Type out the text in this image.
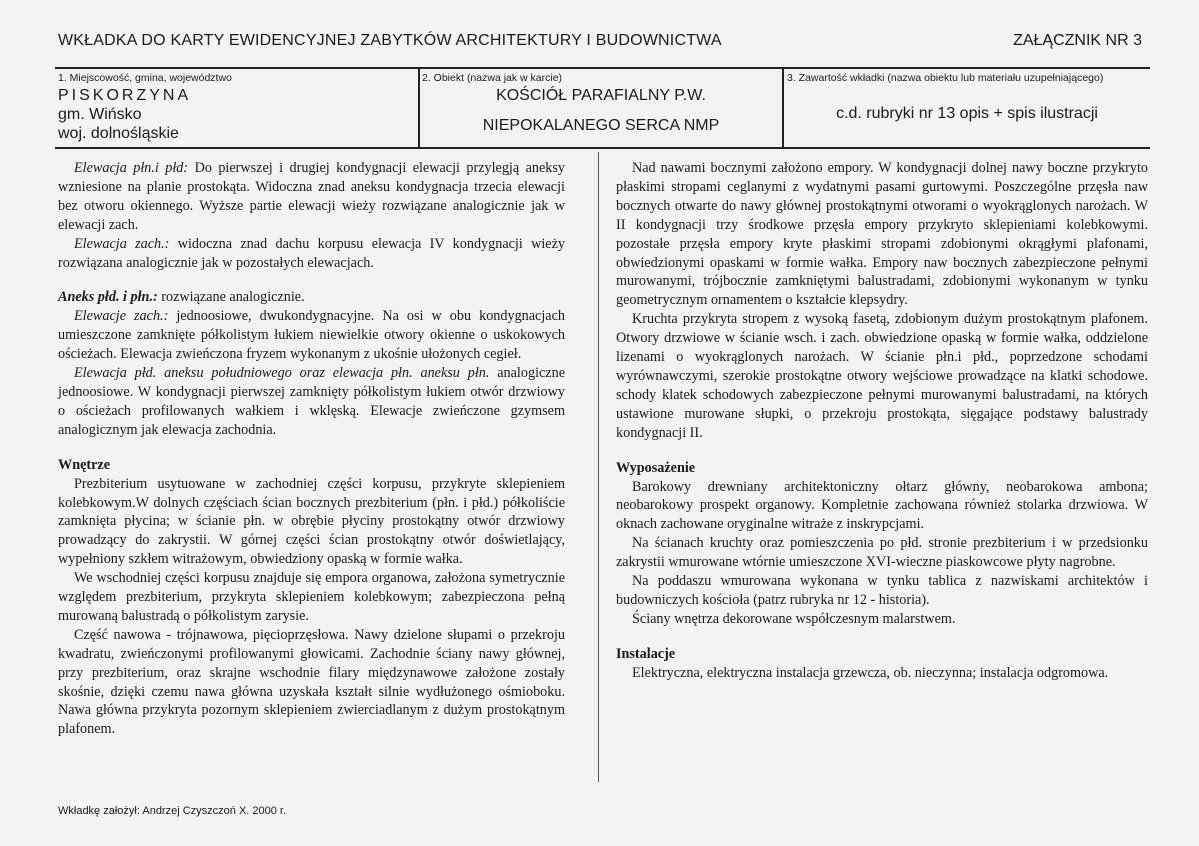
WKŁADKA DO KARTY EWIDENCYJNEJ ZABYTKÓW ARCHITEKTURY I BUDOWNICTWA	ZAŁĄCZNIK NR 3
1. Miejscowość, gmina, województwo
PISKORZYNA
gm. Wińsko
woj. dolnośląskie
2. Obiekt (nazwa jak w karcie)
KOŚCIÓŁ PARAFIALNY P.W.
NIEPOKALANEGO SERCA NMP
3. Zawartość wkładki (nazwa obiektu lub materiału uzupełniającego)
c.d. rubryki nr 13 opis + spis ilustracji

Elewacja płn.i płd: Do pierwszej i drugiej kondygnacji elewacji przylegją aneksy wzniesione na planie prostokąta. Widoczna znad aneksu kondygnacja trzecia elewacji bez otworu okiennego. Wyższe partie elewacji wieży rozwiązane analogicznie jak w elewacji zach.

Elewacja zach.: widoczna znad dachu korpusu elewacja IV kondygnacji wieży rozwiązana analogicznie jak w pozostałych elewacjach.

Aneks płd. i płn.: rozwiązane analogicznie.

Elewacje zach.: jednoosiowe, dwukondygnacyjne. Na osi w obu kondygnacjach umieszczone zamknięte półkolistym łukiem niewielkie otwory okienne o uskokowych ościeżach. Elewacja zwieńczona fryzem wykonanym z ukośnie ułożonych cegieł.

Elewacja płd. aneksu południowego oraz elewacja płn. aneksu płn. analogiczne jednoosiowe. W kondygnacji pierwszej zamknięty półkolistym łukiem otwór drzwiowy o ościeżach profilowanych wałkiem i wklęską. Elewacje zwieńczone gzymsem analogicznym jak elewacja zachodnia.

Wnętrze

Prezbiterium usytuowane w zachodniej części korpusu, przykryte sklepieniem kolebkowym.W dolnych częściach ścian bocznych prezbiterium (płn. i płd.) półkoliście zamknięta płycina; w ścianie płn. w obrębie płyciny prostokątny otwór drzwiowy prowadzący do zakrystii. W górnej części ścian prostokątny otwór doświetlający, wypełniony szkłem witrażowym, obwiedziony opaską w formie wałka.

We wschodniej części korpusu znajduje się empora organowa, założona symetrycznie względem prezbiterium, przykryta sklepieniem kolebkowym; zabezpieczona pełną murowaną balustradą o półkolistym zarysie.

Część nawowa - trójnawowa, pięcioprzęsłowa. Nawy dzielone słupami o przekroju kwadratu, zwieńczonymi profilowanymi głowicami. Zachodnie ściany nawy głównej, przy prezbiterium, oraz skrajne wschodnie filary międzynawowe założone zostały skośnie, dzięki czemu nawa główna uzyskała kształt silnie wydłużonego ośmioboku. Nawa główna przykryta pozornym sklepieniem zwierciadlanym z dużym prostokątnym plafonem.

Nad nawami bocznymi założono empory. W kondygnacji dolnej nawy boczne przykryto płaskimi stropami ceglanymi z wydatnymi pasami gurtowymi. Poszczególne przęsła naw bocznych otwarte do nawy głównej prostokątnymi otworami o wyokrąglonych narożach. W II kondygnacji trzy środkowe przęsła empory przykryto sklepieniami kolebkowymi. pozostałe przęsła empory kryte płaskimi stropami zdobionymi okrągłymi plafonami, obwiedzionymi opaskami w formie wałka. Empory naw bocznych zabezpieczone pełnymi murowanymi, trójbocznie zamkniętymi balustradami, zdobionymi wykonanym w tynku geometrycznym ornamentem o kształcie klepsydry.

Kruchta przykryta stropem z wysoką fasetą, zdobionym dużym prostokątnym plafonem. Otwory drzwiowe w ścianie wsch. i zach. obwiedzione opaską w formie wałka, oddzielone lizenami o wyokrąglonych narożach. W ścianie płn.i płd., poprzedzone schodami wyrównawczymi, szerokie prostokątne otwory wejściowe prowadzące na klatki schodowe. schody klatek schodowych zabezpieczone pełnymi murowanymi balustradami, na których ustawione murowane słupki, o przekroju prostokąta, sięgające podstawy balustrady kondygnacji II.

Wyposażenie

Barokowy drewniany architektoniczny ołtarz główny, neobarokowa ambona; neobarokowy prospekt organowy. Kompletnie zachowana również stolarka drzwiowa. W oknach zachowane oryginalne witraże z inskrypcjami.

Na ścianach kruchty oraz pomieszczenia po płd. stronie prezbiterium i w przedsionku zakrystii wmurowane wtórnie umieszczone XVI-wieczne piaskowcowe płyty nagrobne.

Na poddaszu wmurowana wykonana w tynku tablica z nazwiskami architektów i budowniczych kościoła (patrz rubryka nr 12 - historia).

Ściany wnętrza dekorowane współczesnym malarstwem.

Instalacje

Elektryczna, elektryczna instalacja grzewcza, ob. nieczynna; instalacja odgromowa.

Wkładkę założył: Andrzej Czyszczoń X. 2000 r.
